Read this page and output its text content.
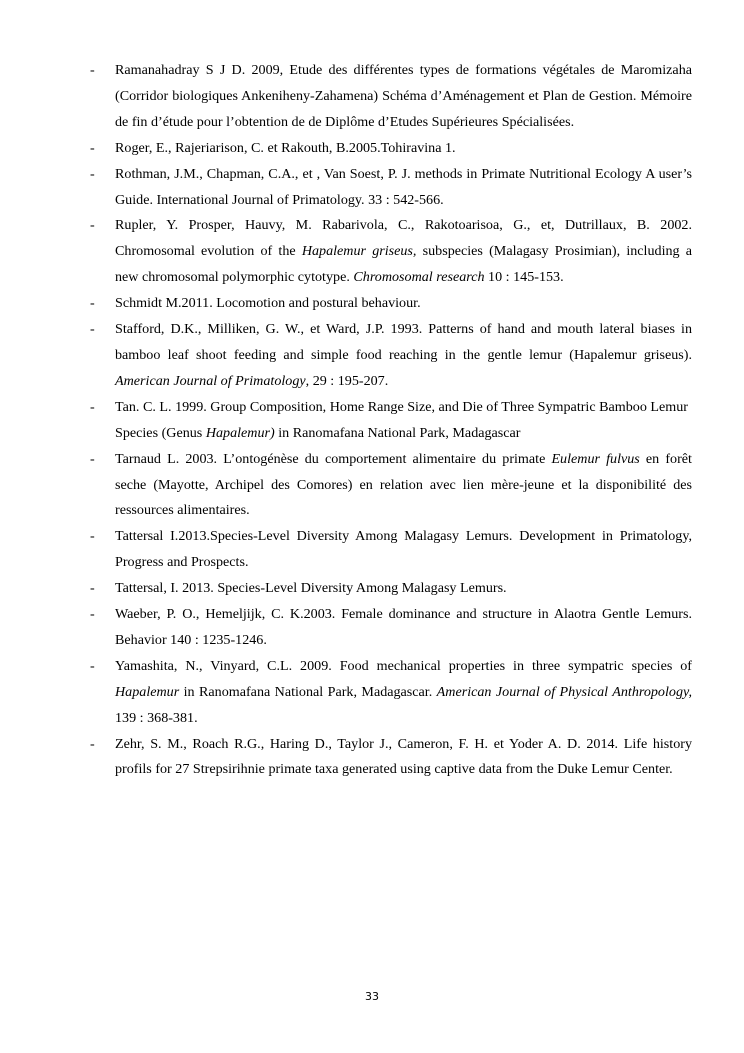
- Ramanahadray S J D. 2009, Etude des différentes types de formations végétales de Maromizaha (Corridor biologiques Ankeniheny-Zahamena) Schéma d’Aménagement et Plan de Gestion. Mémoire de fin d’étude pour l’obtention de de Diplôme d’Etudes Supérieures Spécialisées.
- Roger, E., Rajeriarison, C. et Rakouth, B.2005.Tohiravina 1.
- Rothman, J.M., Chapman, C.A., et , Van Soest, P. J. methods in Primate Nutritional Ecology A user’s Guide. International Journal of Primatology. 33 : 542-566.
- Rupler, Y. Prosper, Hauvy, M. Rabarivola, C., Rakotoarisoa, G., et, Dutrillaux, B. 2002. Chromosomal evolution of the Hapalemur griseus, subspecies (Malagasy Prosimian), including a new chromosomal polymorphic cytotype. Chromosomal research 10 : 145-153.
- Schmidt M.2011. Locomotion and postural behaviour.
- Stafford, D.K., Milliken, G. W., et Ward, J.P. 1993. Patterns of hand and mouth lateral biases in bamboo leaf shoot feeding and simple food reaching in the gentle lemur (Hapalemur griseus). American Journal of Primatology, 29 : 195-207.
- Tan. C. L. 1999. Group Composition, Home Range Size, and Die of Three Sympatric Bamboo Lemur Species (Genus Hapalemur) in Ranomafana National Park, Madagascar
- Tarnaud L. 2003. L’ontogénèse du comportement alimentaire du primate Eulemur fulvus en forêt seche (Mayotte, Archipel des Comores) en relation avec lien mère-jeune et la disponibilité des ressources alimentaires.
- Tattersal I.2013.Species-Level Diversity Among Malagasy Lemurs. Development in Primatology, Progress and Prospects.
- Tattersal, I. 2013. Species-Level Diversity Among Malagasy Lemurs.
- Waeber, P. O., Hemeljijk, C. K.2003. Female dominance and structure in Alaotra Gentle Lemurs. Behavior 140 : 1235-1246.
- Yamashita, N., Vinyard, C.L. 2009. Food mechanical properties in three sympatric species of Hapalemur in Ranomafana National Park, Madagascar. American Journal of Physical Anthropology, 139 : 368-381.
- Zehr, S. M., Roach R.G., Haring D., Taylor J., Cameron, F. H. et Yoder A. D. 2014. Life history profils for 27 Strepsirihnie primate taxa generated using captive data from the Duke Lemur Center.
33
